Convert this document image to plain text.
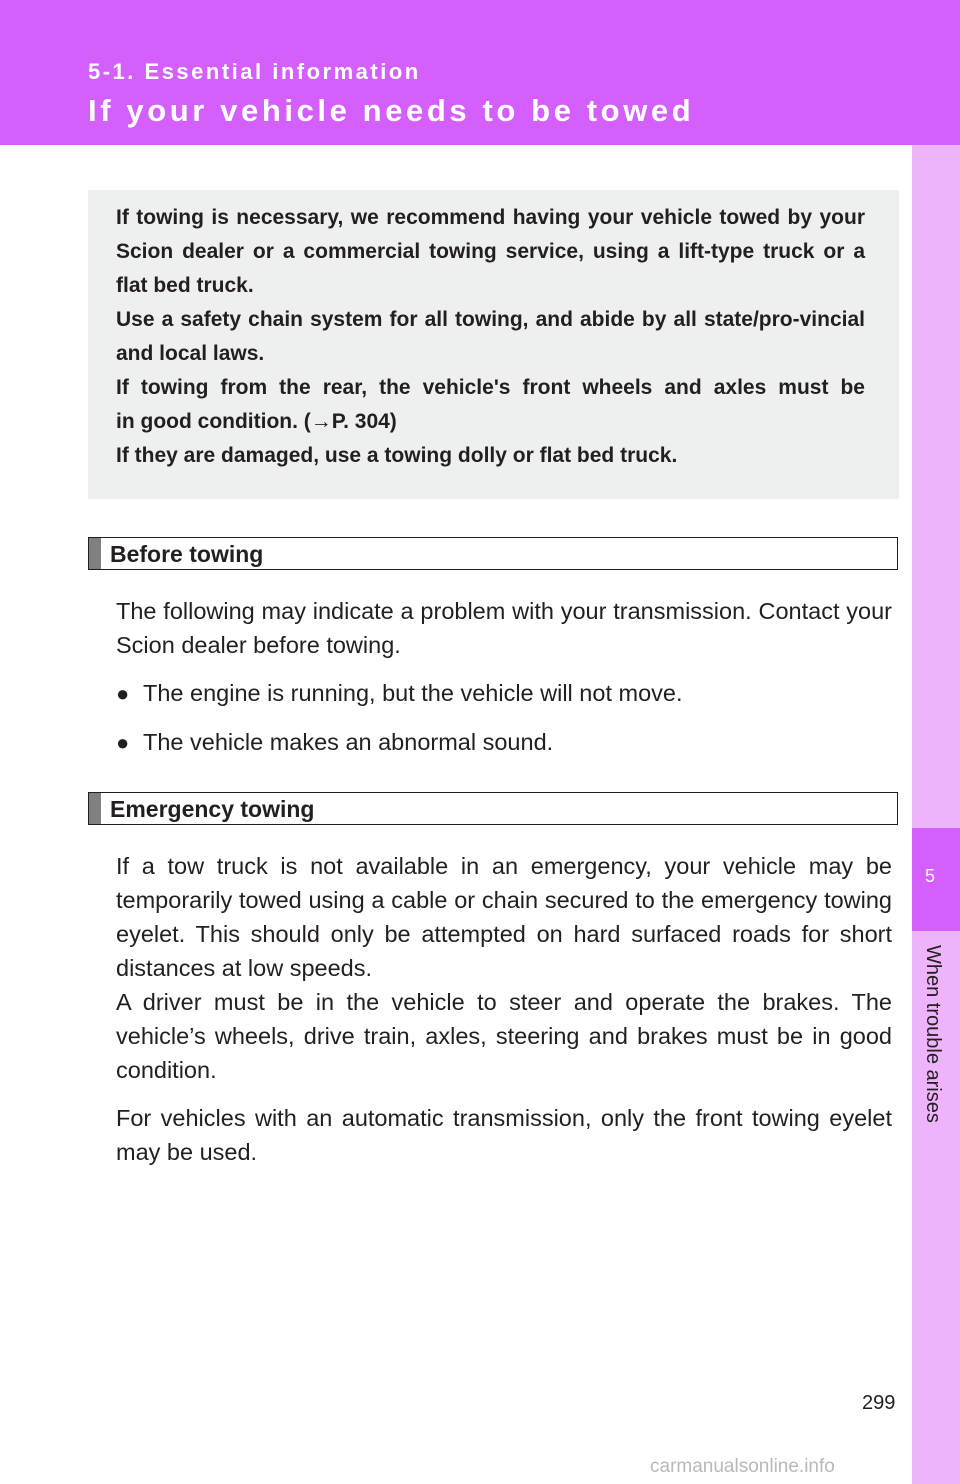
5-1. Essential information

If your vehicle needs to be towed

5
When trouble arises

If towing is necessary, we recommend having your vehicle towed by your Scion dealer or a commercial towing service, using a lift-type truck or a flat bed truck.

Use a safety chain system for all towing, and abide by all state/pro-vincial and local laws.

If towing from the rear, the vehicle's front wheels and axles must be

in good condition. (→P. 304)

If they are damaged, use a towing dolly or flat bed truck.

Before towing
The following may indicate a problem with your transmission. Contact your Scion dealer before towing.
● The engine is running, but the vehicle will not move.
● The vehicle makes an abnormal sound.
Emergency towing

If a tow truck is not available in an emergency, your vehicle may be temporarily towed using a cable or chain secured to the emergency towing eyelet. This should only be attempted on hard surfaced roads for short distances at low speeds.

A driver must be in the vehicle to steer and operate the brakes. The vehicle’s wheels, drive train, axles, steering and brakes must be in good condition.

For vehicles with an automatic transmission, only the front towing eyelet may be used.

299
carmanualsonline.info
